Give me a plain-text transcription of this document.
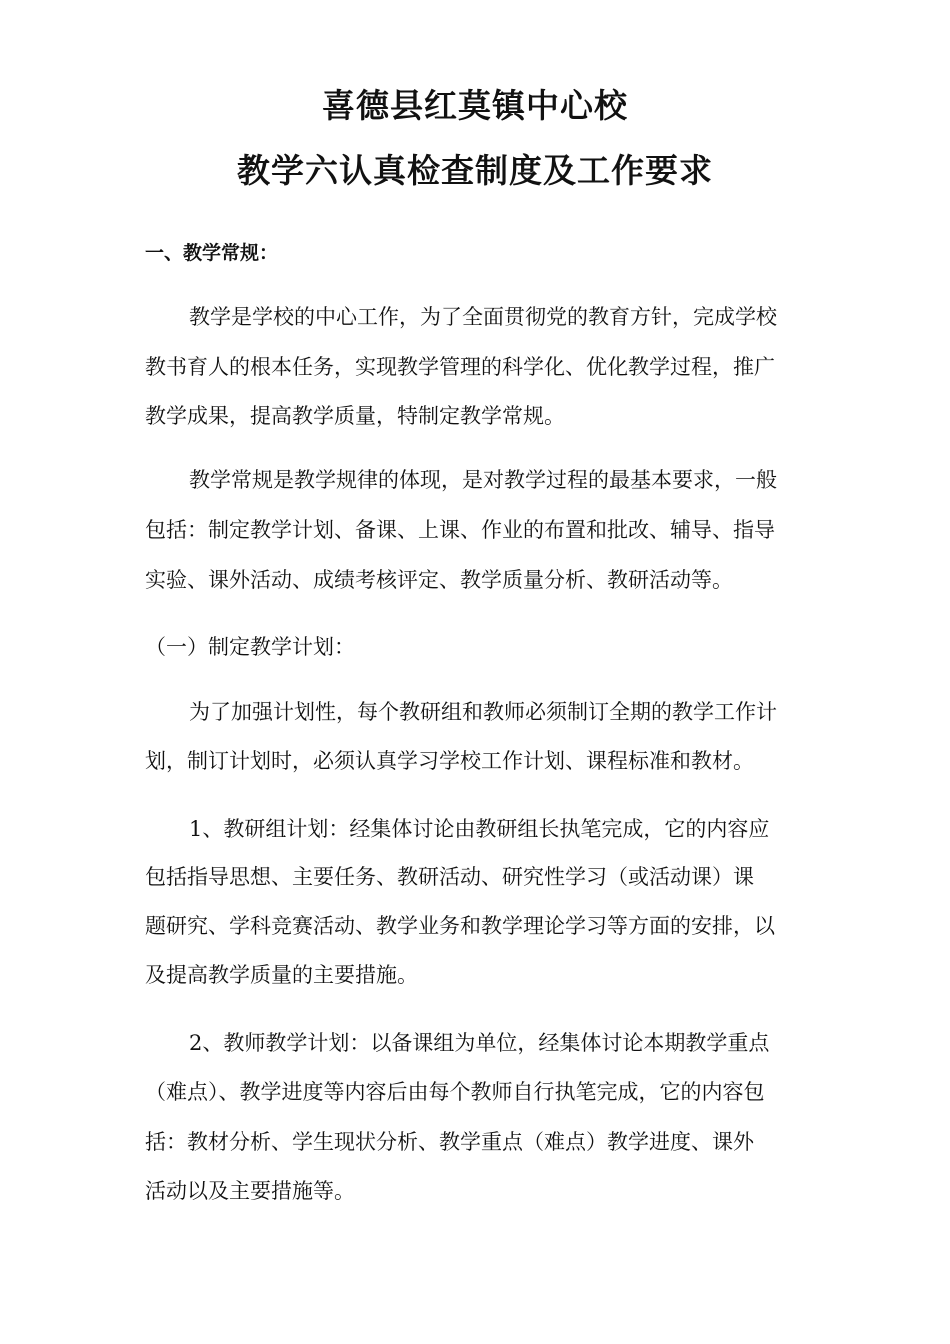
喜德县红莫镇中心校
教学六认真检查制度及工作要求
一、教学常规：
教学是学校的中心工作，为了全面贯彻党的教育方针，完成学校
教书育人的根本任务，实现教学管理的科学化、优化教学过程，推广
教学成果，提高教学质量，特制定教学常规。
教学常规是教学规律的体现，是对教学过程的最基本要求，一般
包括：制定教学计划、备课、上课、作业的布置和批改、辅导、指导
实验、课外活动、成绩考核评定、教学质量分析、教研活动等。
（一）制定教学计划：
为了加强计划性，每个教研组和教师必须制订全期的教学工作计
划，制订计划时，必须认真学习学校工作计划、课程标准和教材。
1、教研组计划：经集体讨论由教研组长执笔完成，它的内容应
包括指导思想、主要任务、教研活动、研究性学习（或活动课）课
题研究、学科竞赛活动、教学业务和教学理论学习等方面的安排，以
及提高教学质量的主要措施。
2、教师教学计划：以备课组为单位，经集体讨论本期教学重点
（难点）、教学进度等内容后由每个教师自行执笔完成，它的内容包
括：教材分析、学生现状分析、教学重点（难点）教学进度、课外
活动以及主要措施等。
